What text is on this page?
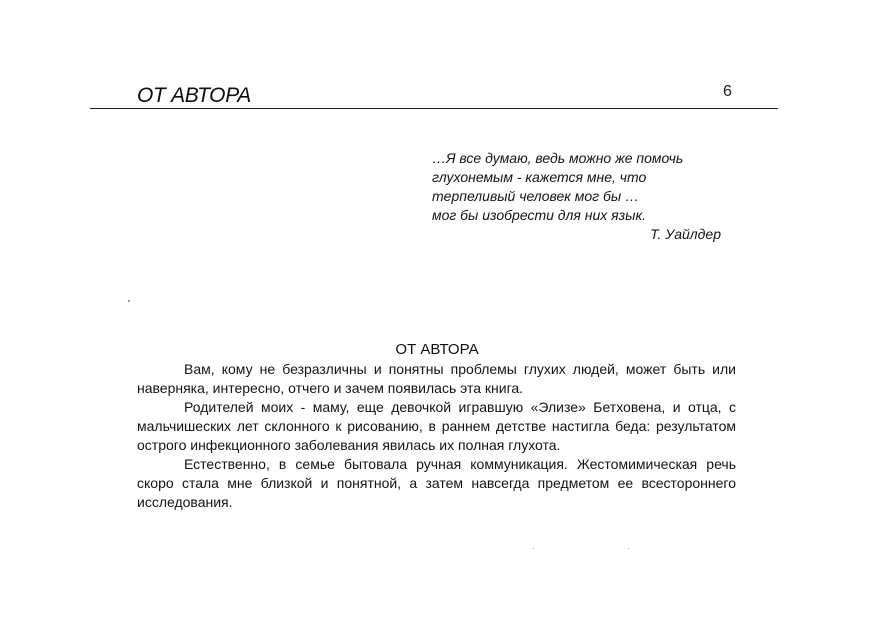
ОТ АВТОРА	6
…Я все думаю, ведь можно же помочь
глухонемым - кажется мне, что
терпеливый человек мог бы …
мог бы изобрести для них язык.
Т. Уайлдер
ОТ АВТОРА

Вам, кому не безразличны и понятны проблемы глухих людей, может быть или наверняка, интересно, отчего и зачем появилась эта книга.

Родителей моих - маму, еще девочкой игравшую «Элизе» Бетховена, и отца, с мальчишеских лет склонного к рисованию, в раннем детстве настигла беда: результатом острого инфекционного заболевания явилась их полная глухота.

Естественно, в семье бытовала ручная коммуникация. Жестомимическая речь скоро стала мне близкой и понятной, а затем навсегда предметом ее всестороннего исследования.
